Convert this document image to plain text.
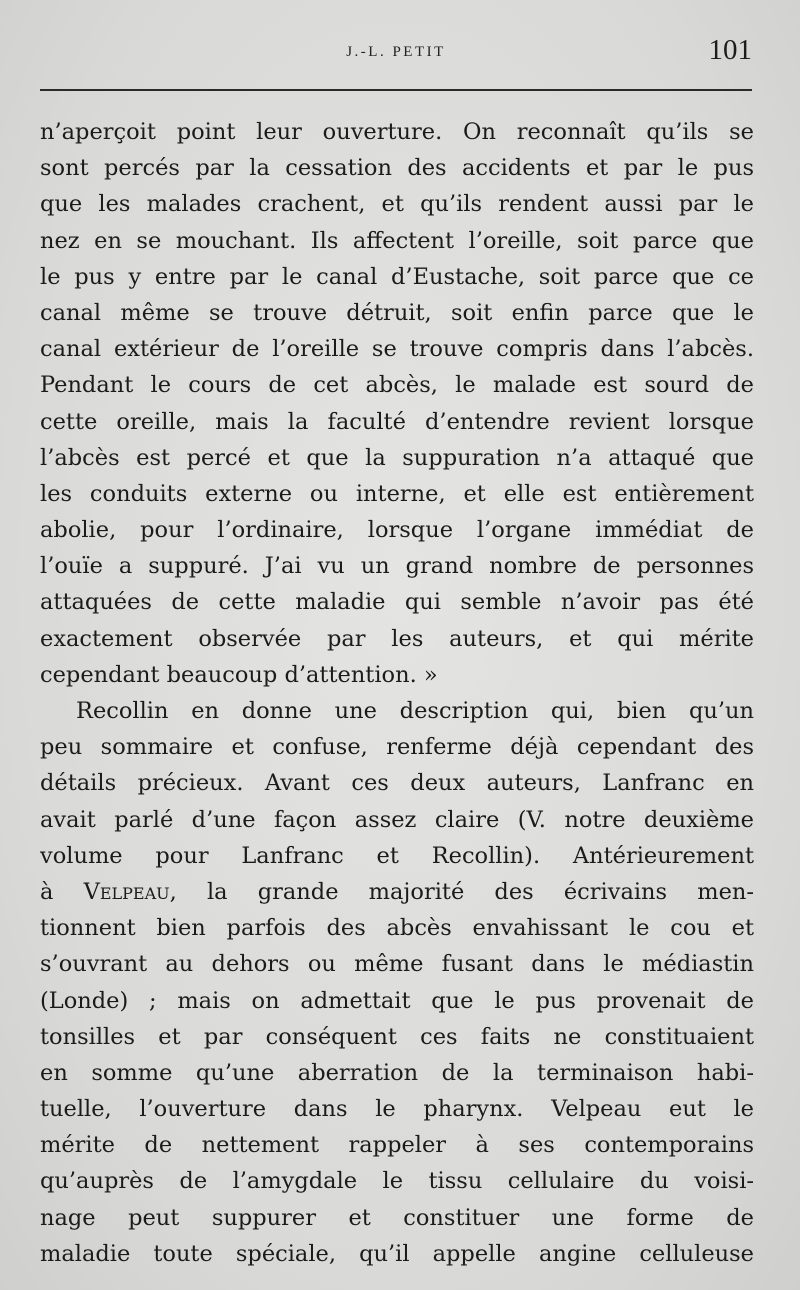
J.-L. PETIT	101
n’aperçoit point leur ouverture. On reconnaît qu’ils se
sont percés par la cessation des accidents et par le pus
que les malades crachent, et qu’ils rendent aussi par le
nez en se mouchant. Ils affectent l’oreille, soit parce que
le pus y entre par le canal d’Eustache, soit parce que ce
canal même se trouve détruit, soit enfin parce que le
canal extérieur de l’oreille se trouve compris dans l’abcès.
Pendant le cours de cet abcès, le malade est sourd de
cette oreille, mais la faculté d’entendre revient lorsque
l’abcès est percé et que la suppuration n’a attaqué que
les conduits externe ou interne, et elle est entièrement
abolie, pour l’ordinaire, lorsque l’organe immédiat de
l’ouïe a suppuré. J’ai vu un grand nombre de personnes
attaquées de cette maladie qui semble n’avoir pas été
exactement observée par les auteurs, et qui mérite
cependant beaucoup d’attention. »
Recollin en donne une description qui, bien qu’un
peu sommaire et confuse, renferme déjà cependant des
détails précieux. Avant ces deux auteurs, Lanfranc en
avait parlé d’une façon assez claire (V. notre deuxième
volume pour Lanfranc et Recollin). Antérieurement
à Velpeau, la grande majorité des écrivains men-
tionnent bien parfois des abcès envahissant le cou et
s’ouvrant au dehors ou même fusant dans le médiastin
(Londe) ; mais on admettait que le pus provenait de
tonsilles et par conséquent ces faits ne constituaient
en somme qu’une aberration de la terminaison habi-
tuelle, l’ouverture dans le pharynx. Velpeau eut le
mérite de nettement rappeler à ses contemporains
qu’auprès de l’amygdale le tissu cellulaire du voisi-
nage peut suppurer et constituer une forme de
maladie toute spéciale, qu’il appelle angine celluleuse
